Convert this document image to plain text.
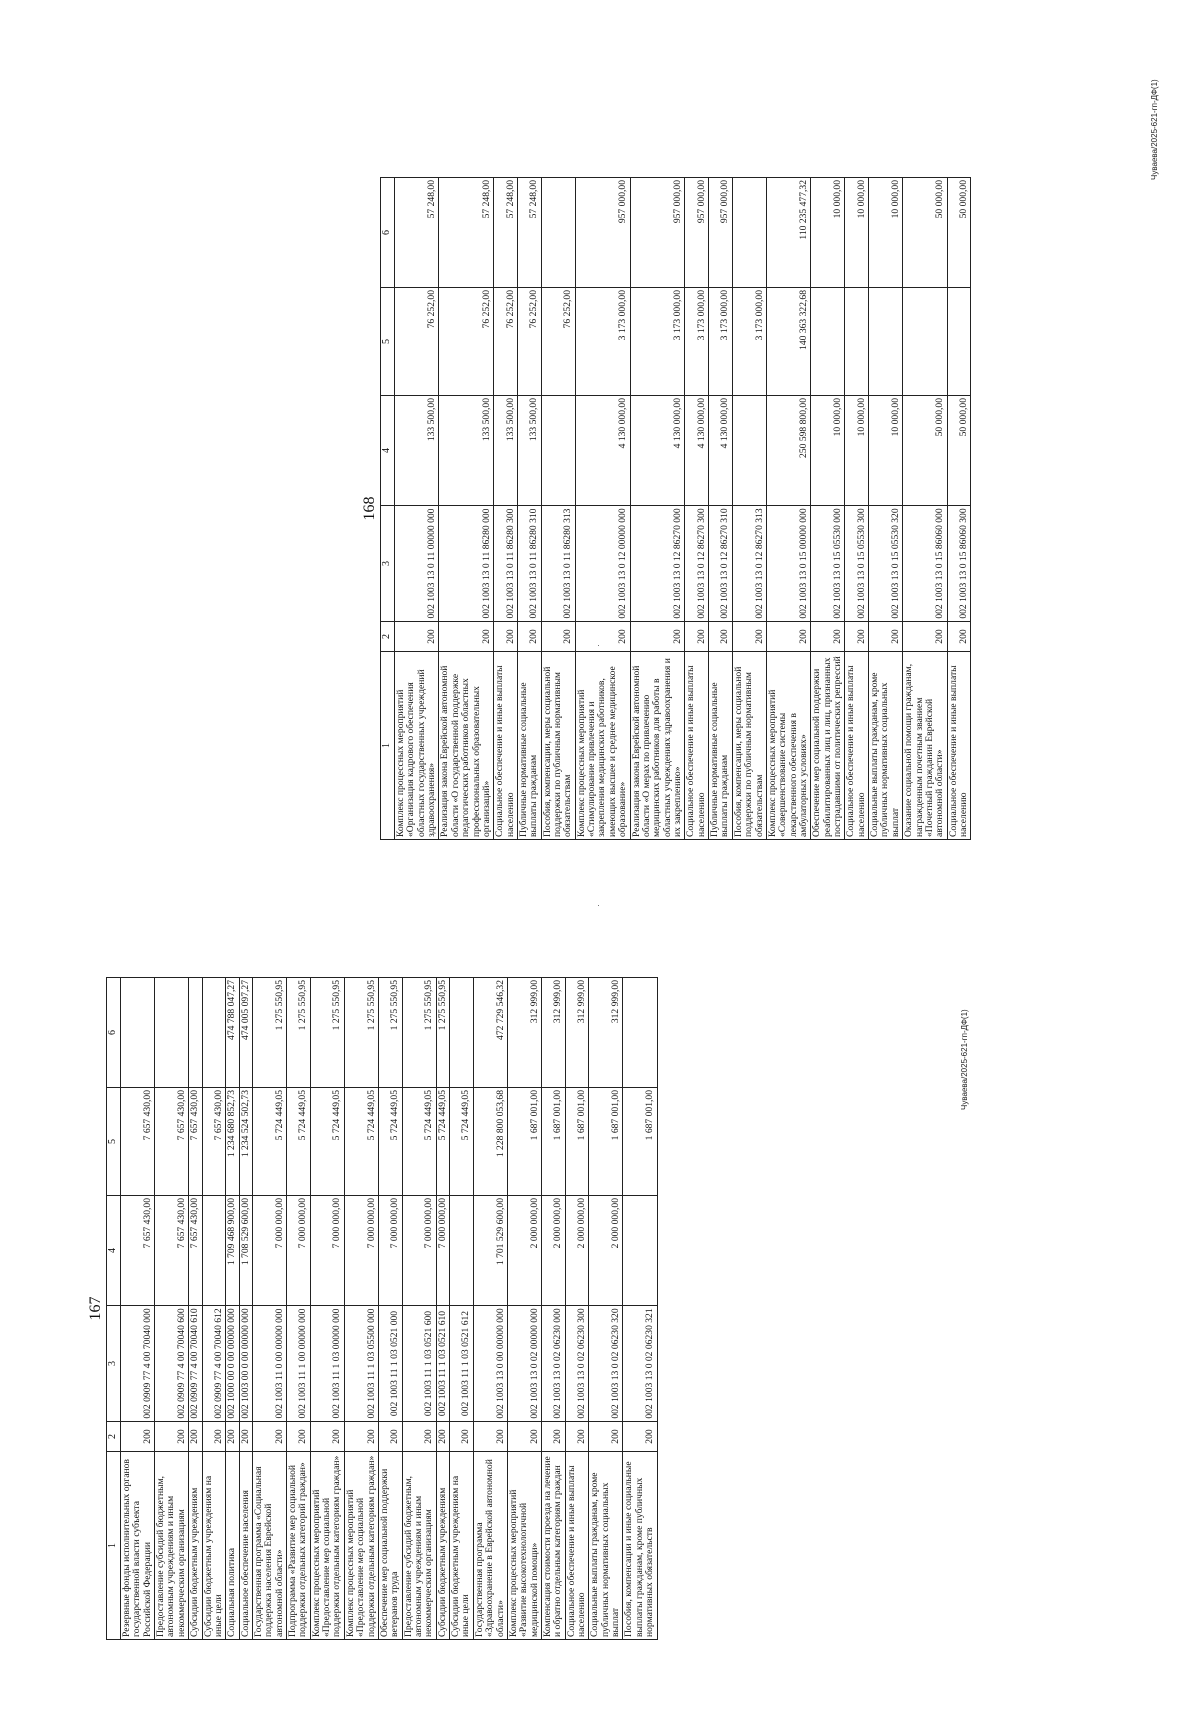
167
1	2	3	4	5	6
Резервные фонды исполнительных органов государственной власти субъекта Российской Федерации	200	002 0909 77 4 00 70040 000	7 657 430,00	7 657 430,00	
Предоставление субсидий бюджетным, автономным учреждениям и иным некоммерческим организациям	200	002 0909 77 4 00 70040 600	7 657 430,00	7 657 430,00	
Субсидии бюджетным учреждениям	200	002 0909 77 4 00 70040 610	7 657 430,00	7 657 430,00	
Субсидии бюджетным учреждениям на иные цели	200	002 0909 77 4 00 70040 612		7 657 430,00	
Социальная политика	200	002 1000 00 0 00 00000 000	1 709 468 900,00	1 234 680 852,73	474 788 047,27
Социальное обеспечение населения	200	002 1003 00 0 00 00000 000	1 708 529 600,00	1 234 524 502,73	474 005 097,27
Государственная программа «Социальная поддержка населения Еврейской автономной области»	200	002 1003 11 0 00 00000 000	7 000 000,00	5 724 449,05	1 275 550,95
Подпрограмма «Развитие мер социальной поддержки отдельных категорий граждан»	200	002 1003 11 1 00 00000 000	7 000 000,00	5 724 449,05	1 275 550,95
Комплекс процессных мероприятий «Предоставление мер социальной поддержки отдельным категориям граждан»	200	002 1003 11 1 03 00000 000	7 000 000,00	5 724 449,05	1 275 550,95
Комплекс процессных мероприятий «Предоставление мер социальной поддержки отдельным категориям граждан»	200	002 1003 11 1 03 05500 000	7 000 000,00	5 724 449,05	1 275 550,95
Обеспечение мер социальной поддержки ветеранов труда	200	002 1003 11 1 03 0521 000	7 000 000,00	5 724 449,05	1 275 550,95
Предоставление субсидий бюджетным, автономным учреждениям и иным некоммерческим организациям	200	002 1003 11 1 03 0521 600	7 000 000,00	5 724 449,05	1 275 550,95
Субсидии бюджетным учреждениям	200	002 1003 11 1 03 0521 610	7 000 000,00	5 724 449,05	1 275 550,95
Субсидии бюджетным учреждениям на иные цели	200	002 1003 11 1 03 0521 612		5 724 449,05	
Государственная программа «Здравоохранение в Еврейской автономной области»	200	002 1003 13 0 00 00000 000	1 701 529 600,00	1 228 800 053,68	472 729 546,32
Комплекс процессных мероприятий «Развитие высокотехнологичной медицинской помощи»	200	002 1003 13 0 02 00000 000	2 000 000,00	1 687 001,00	312 999,00
Компенсация стоимости проезда на лечение и обратно отдельным категориям граждан	200	002 1003 13 0 02 06230 000	2 000 000,00	1 687 001,00	312 999,00
Социальное обеспечение и иные выплаты населению	200	002 1003 13 0 02 06230 300	2 000 000,00	1 687 001,00	312 999,00
Социальные выплаты гражданам, кроме публичных нормативных социальных выплат	200	002 1003 13 0 02 06230 320	2 000 000,00	1 687 001,00	312 999,00
Пособия, компенсации и иные социальные выплаты гражданам, кроме публичных нормативных обязательств	200	002 1003 13 0 02 06230 321		1 687 001,00	
168
1	2	3	4	5	6
Комплекс процессных мероприятий «Организация кадрового обеспечения областных государственных учреждений здравоохранения»	200	002 1003 13 0 11 00000 000	133 500,00	76 252,00	57 248,00
Реализация закона Еврейской автономной области «О государственной поддержке педагогических работников областных профессиональных образовательных организаций»	200	002 1003 13 0 11 86280 000	133 500,00	76 252,00	57 248,00
Социальное обеспечение и иные выплаты населению	200	002 1003 13 0 11 86280 300	133 500,00	76 252,00	57 248,00
Публичные нормативные социальные выплаты гражданам	200	002 1003 13 0 11 86280 310	133 500,00	76 252,00	57 248,00
Пособия, компенсации, меры социальной поддержки по публичным нормативным обязательствам	200	002 1003 13 0 11 86280 313		76 252,00	
Комплекс процессных мероприятий «Стимулирование привлечения и закрепления медицинских работников, имеющих высшее и среднее медицинское образование»	200	002 1003 13 0 12 00000 000	4 130 000,00	3 173 000,00	957 000,00
Реализация закона Еврейской автономной области «О мерах по привлечению медицинских работников для работы в областных учреждениях здравоохранения и их закреплению»	200	002 1003 13 0 12 86270 000	4 130 000,00	3 173 000,00	957 000,00
Социальное обеспечение и иные выплаты населению	200	002 1003 13 0 12 86270 300	4 130 000,00	3 173 000,00	957 000,00
Публичные нормативные социальные выплаты гражданам	200	002 1003 13 0 12 86270 310	4 130 000,00	3 173 000,00	957 000,00
Пособия, компенсации, меры социальной поддержки по публичным нормативным обязательствам	200	002 1003 13 0 12 86270 313		3 173 000,00	
Комплекс процессных мероприятий «Совершенствование системы лекарственного обеспечения в амбулаторных условиях»	200	002 1003 13 0 15 00000 000	250 598 800,00	140 363 322,68	110 235 477,32
Обеспечение мер социальной поддержки реабилитированных лиц и лиц, признанных пострадавшими от политических репрессий	200	002 1003 13 0 15 05530 000	10 000,00		10 000,00
Социальное обеспечение и иные выплаты населению	200	002 1003 13 0 15 05530 300	10 000,00		10 000,00
Социальные выплаты гражданам, кроме публичных нормативных социальных выплат	200	002 1003 13 0 15 05530 320	10 000,00		10 000,00
Оказание социальной помощи гражданам, награжденным почетным званием «Почетный гражданин Еврейской автономной области»	200	002 1003 13 0 15 86060 000	50 000,00		50 000,00
Социальное обеспечение и иные выплаты населению	200	002 1003 13 0 15 86060 300	50 000,00		50 000,00
Чуваева/2025-621-гп-ДФ(1)
Чуваева/2025-621-гп-ДФ(1)
